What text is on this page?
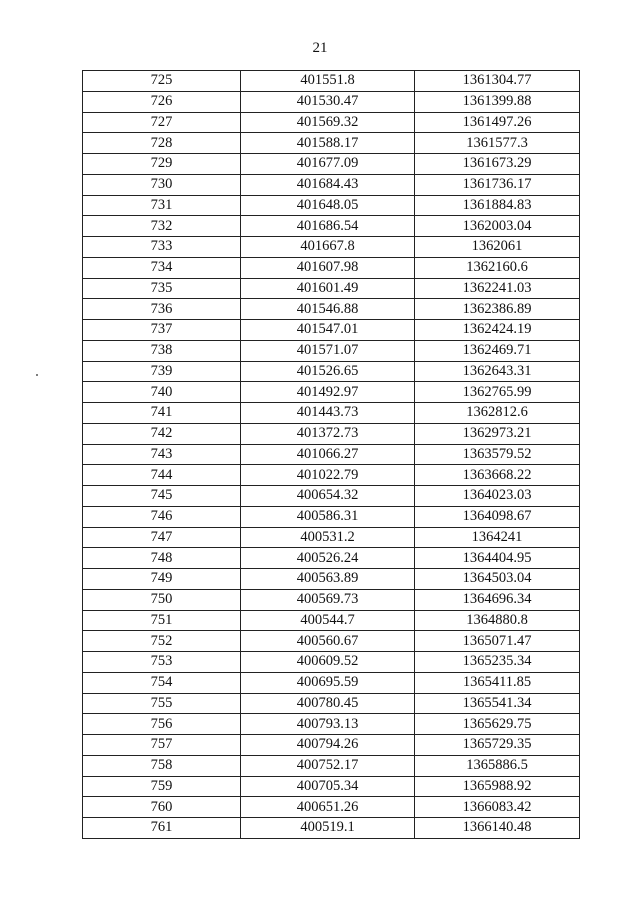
21
725	401551.8	1361304.77
726	401530.47	1361399.88
727	401569.32	1361497.26
728	401588.17	1361577.3
729	401677.09	1361673.29
730	401684.43	1361736.17
731	401648.05	1361884.83
732	401686.54	1362003.04
733	401667.8	1362061
734	401607.98	1362160.6
735	401601.49	1362241.03
736	401546.88	1362386.89
737	401547.01	1362424.19
738	401571.07	1362469.71
739	401526.65	1362643.31
740	401492.97	1362765.99
741	401443.73	1362812.6
742	401372.73	1362973.21
743	401066.27	1363579.52
744	401022.79	1363668.22
745	400654.32	1364023.03
746	400586.31	1364098.67
747	400531.2	1364241
748	400526.24	1364404.95
749	400563.89	1364503.04
750	400569.73	1364696.34
751	400544.7	1364880.8
752	400560.67	1365071.47
753	400609.52	1365235.34
754	400695.59	1365411.85
755	400780.45	1365541.34
756	400793.13	1365629.75
757	400794.26	1365729.35
758	400752.17	1365886.5
759	400705.34	1365988.92
760	400651.26	1366083.42
761	400519.1	1366140.48
